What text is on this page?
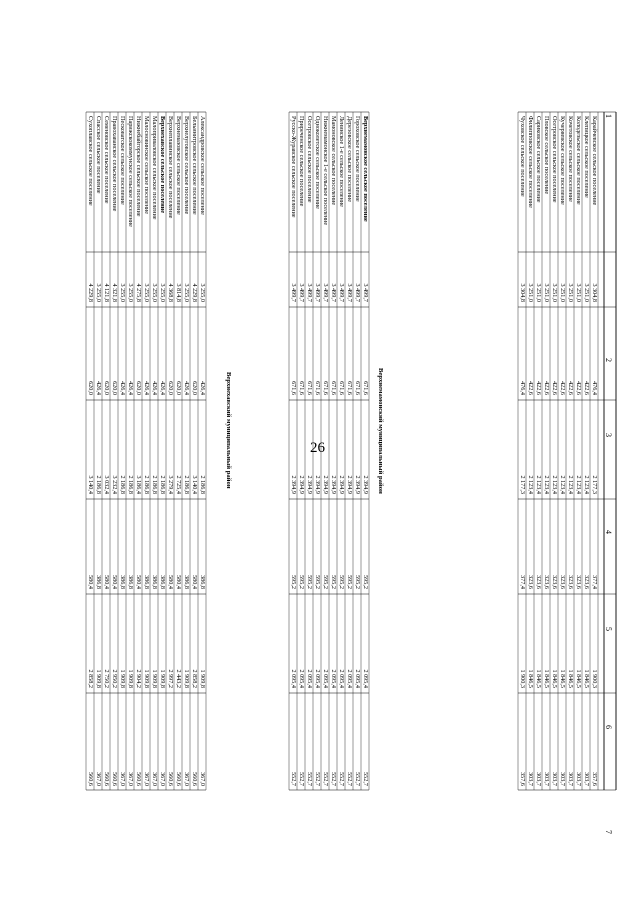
26
1
2
3
4
5
6
7
Верхнемамонский муниципальный район
Верхнехавский муниципальный район
Карайчевское сельское поселение
3 304,8
476,4
2 177,3
377,4
1 900,3
357,6
Клепицкое сельское поселение
3 251,0
422,6
2 123,4
323,6
1 846,5
303,7
Колодезьское сельское поселение
3 251,0
422,6
2 123,4
323,6
1 846,5
303,7
Кочетовское сельское поселение
3 251,0
422,6
2 123,4
323,6
1 846,5
303,7
Кучеряевское сельское поселение
3 251,0
422,6
2 123,4
323,6
1 846,5
303,7
Осетровское сельское поселение
3 251,0
422,6
2 123,4
323,6
1 846,5
303,7
Пловское сельское поселение
3 251,0
422,6
2 123,4
323,6
1 846,5
303,7
Сариковское сельское поселение
3 251,0
422,6
2 123,4
323,6
1 846,5
303,7
Филипповское сельское поселение
3 251,0
422,6
2 123,4
323,6
1 846,5
303,7
Чуховское сельское поселение
3 304,8
476,4
2 177,3
377,4
1 900,3
357,6
Верхнемамонское сельское поселение
3 499,7
671,6
2 394,9
595,2
2 095,4
552,7
Гороховское сельское поселение
3 499,7
671,6
2 394,9
595,2
2 095,4
552,7
Дерезовское сельское поселение
3 499,7
671,6
2 394,9
595,2
2 095,4
552,7
Ленинское 1-е сельское поселение
3 499,7
671,6
2 394,9
595,2
2 095,4
552,7
Мамоновское сельское поселение
3 499,7
671,6
2 394,9
595,2
2 095,4
552,7
Нижнемамонское 1-е сельское поселение
3 499,7
671,6
2 394,9
595,2
2 095,4
552,7
Одноколетское сельское поселение
3 499,7
671,6
2 394,9
595,2
2 095,4
552,7
Осетровское сельское поселение
3 499,7
671,6
2 394,9
595,2
2 095,4
552,7
Приреченское сельское поселение
3 499,7
671,6
2 394,9
595,2
2 095,4
552,7
Русско-Журавское сельское поселение
3 499,7
671,6
2 394,9
595,2
2 095,4
552,7
Александровское сельское поселение
3 255,0
426,4
2 186,8
386,8
1 909,8
367,0
Бельинитровское сельское поселение
4 229,8
620,0
3 140,4
580,4
2 858,2
560,6
Верхнелуговское сельское поселение
3 255,0
426,4
2 186,8
386,8
1 909,8
367,0
Верхнемазовское сельское поселение
3 814,8
620,0
2 725,4
580,4
2 443,2
560,6
Верхнеплавинское сельское поселение
4 368,8
620,0
3 279,4
580,4
2 997,2
560,6
Верхнехавское сельское поселение
3 255,0
426,4
2 186,8
386,8
1 909,8
367,0
Малоприваловское сельское поселение
3 255,0
426,4
2 186,8
386,8
1 909,8
367,0
Малосновинское сельское поселение
3 255,0
426,4
2 186,8
386,8
1 909,8
367,0
Нижнебайгорское сельское поселение
4 275,8
620,0
3 186,4
580,4
2 904,2
560,6
Парижскокоммунское сельское поселение
3 255,0
426,4
2 186,8
386,8
1 909,8
367,0
Песковатское сельское поселение
3 255,0
426,4
2 186,8
386,8
1 909,8
367,0
Правохаванское сельское поселение
4 321,8
620,0
3 232,4
580,4
2 950,2
560,6
Семеновское сельское поселение
4 121,8
620,0
3 032,4
580,4
2 750,2
560,6
Спасское сельское поселение
3 255,0
426,4
2 186,8
386,8
1 909,8
367,0
Сухоплавское сельское поселение
4 229,8
620,0
3 140,4
580,4
2 858,2
560,6
